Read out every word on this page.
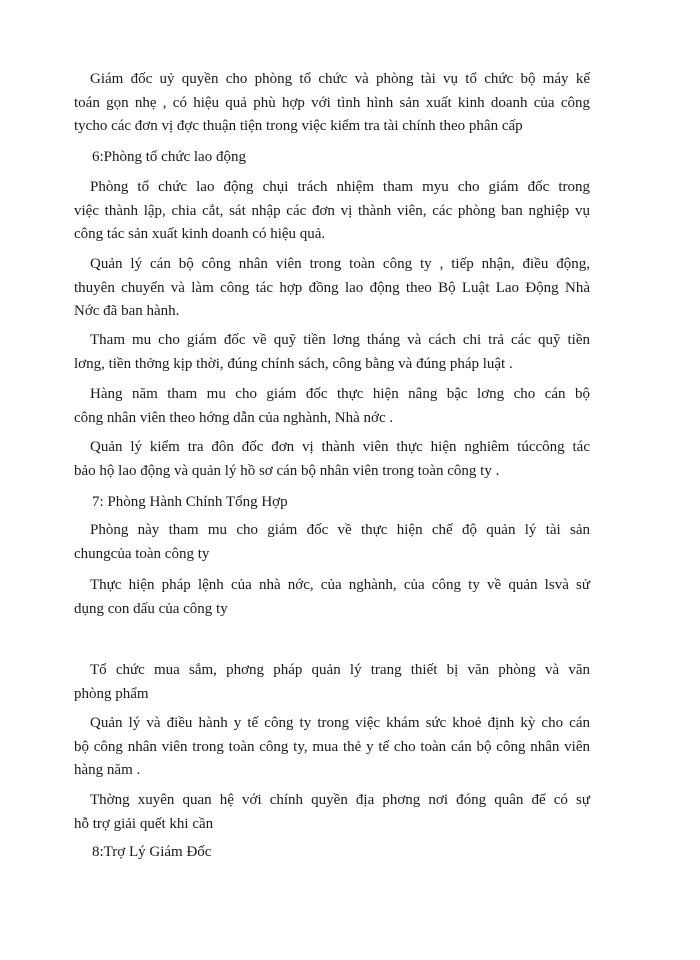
Giám đốc uỷ quyền cho phòng tổ chức và phòng tài vụ tổ chức bộ máy kế
toán gọn nhẹ , có hiệu quả phù hợp với tình hình sản xuất kinh doanh của công
tycho các đơn vị đợc thuận tiện trong việc kiểm tra tài chính theo phân cấp
6:Phòng tổ chức lao động
Phòng tổ chức lao động chụi trách nhiệm tham myu cho giám đốc trong
việc thành lập, chia cắt, sát nhập các đơn vị thành viên, các phòng ban nghiệp vụ
công tác sản xuất kinh doanh có hiệu quả.
Quản lý cán bộ công nhân viên trong toàn công ty , tiếp nhận, điều động,
thuyên chuyển và làm công tác hợp đồng lao động theo Bộ Luật Lao Động Nhà
Nớc đã ban hành.
Tham mu cho giám đốc về quỹ tiền lơng tháng và cách chi trả các quỹ tiền
lơng, tiền thởng kịp thời, đúng chính sách, công bằng và đúng pháp luật .
Hàng năm tham mu cho giám đốc thực hiện nâng bậc lơng cho cán bộ
công nhân viên theo hớng dẫn của nghành, Nhà nớc .
Quản lý kiểm tra đôn đốc đơn vị thành viên thực hiện nghiêm túccông tác
bảo hộ lao động và quản lý hồ sơ cán bộ nhân viên trong toàn công ty .
7: Phòng Hành Chính Tổng Hợp
Phòng này tham mu cho giám đốc về thực hiện chế độ quản lý tài sản
chungcủa toàn công ty
Thực hiện pháp lệnh của nhà nớc, của nghành, của công ty về quản lsvà sử
dụng con dấu của công ty
Tổ chức mua sắm, phơng pháp quản lý trang thiết bị văn phòng và văn
phòng phẩm
Quản lý và điều hành y tế công ty trong việc khám sức khoẻ định kỳ cho cán
bộ công nhân viên trong toàn công ty, mua thẻ y tế cho toàn cán bộ công nhân viên
hàng năm .
Thờng xuyên quan hệ với chính quyền địa phơng nơi đóng quân để có sự
hỗ trợ giải quết khi cần
8:Trợ Lý Giám Đốc
